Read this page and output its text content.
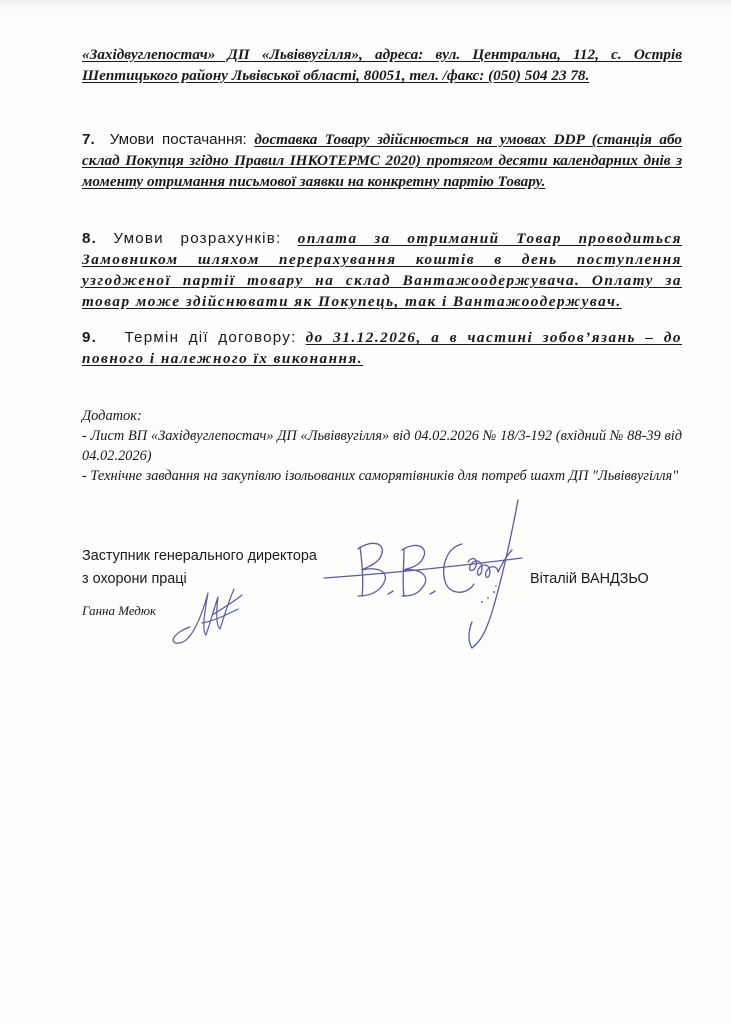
«Західвуглепостач» ДП «Львіввугілля», адреса: вул. Центральна, 112, с. Острів Шептицького району Львівської області, 80051, тел. /факс: (050) 504 23 78.
7. Умови постачання: доставка Товару здійснюється на умовах DDP (станція або склад Покупця згідно Правил ІНКОТЕРМС 2020) протягом десяти календарних днів з моменту отримання письмової заявки на конкретну партію Товару.
8. Умови розрахунків: оплата за отриманий Товар проводиться Замовником шляхом перерахування коштів в день поступлення узгодженої партії товару на склад Вантажоодержувача. Оплату за товар може здійснювати як Покупець, так і Вантажоодержувач.
9. Термін дії договору: до 31.12.2026, а в частині зобов’язань – до повного і належного їх виконання.
Додаток:
- Лист ВП «Західвуглепостач» ДП «Львіввугілля» від 04.02.2026 № 18/3-192 (вхідний № 88-39 від 04.02.2026)
- Технічне завдання на закупівлю ізольованих саморятівників для потреб шахт ДП "Львіввугілля"
Заступник генерального директора
з охорони праці	Віталій ВАНДЗЬО
Ганна Медюк
